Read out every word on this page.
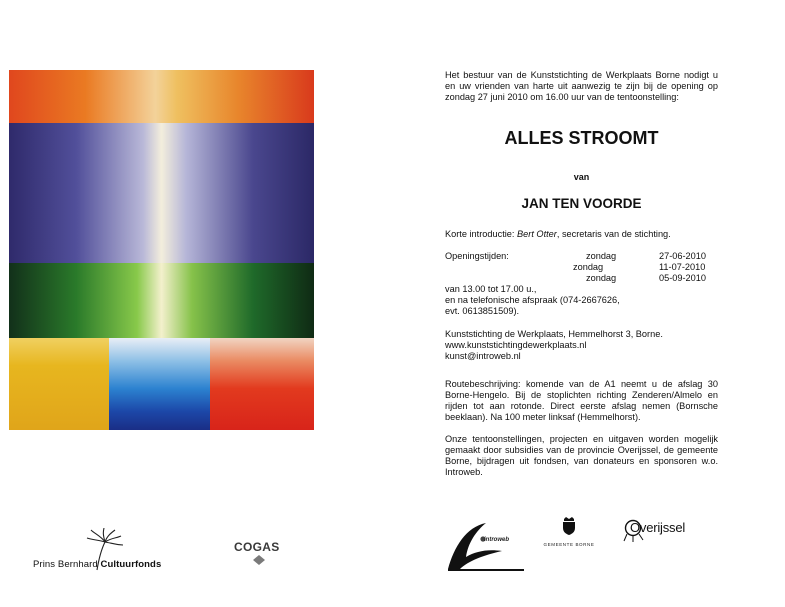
Het bestuur van de Kunststichting de Werkplaats Borne nodigt u en uw vrienden van harte uit aanwezig te zijn bij de opening op zondag 27 juni 2010 om 16.00 uur van de tentoonstelling:
ALLES STROOMT
van
JAN TEN VOORDE
Korte introductie: Bert Otter, secretaris van de stichting.
Openingstijden:	zondag	27-06-2010
zondag	11-07-2010
zondag	05-09-2010
van 13.00 tot 17.00 u.,
en na telefonische afspraak (074-2667626,
evt. 0613851509).
Kunststichting de Werkplaats, Hemmelhorst 3, Borne.
www.kunststichtingdewerkplaats.nl
kunst@introweb.nl
Routebeschrijving: komende van de A1 neemt u de afslag 30 Borne-Hengelo. Bij de stoplichten richting Zenderen/Almelo en rijden tot aan rotonde. Direct eerste afslag nemen (Bornsche beeklaan). Na 100 meter linksaf (Hemmelhorst).
Onze tentoonstellingen, projecten en uitgaven worden mogelijk gemaakt door subsidies van de provincie Overijssel, de gemeente Borne, bijdragen uit fondsen, van donateurs en sponsoren w.o. Introweb.
Prins Bernhard Cultuurfonds
COGAS	introweb
GEMEENTE BORNE
Overijssel
